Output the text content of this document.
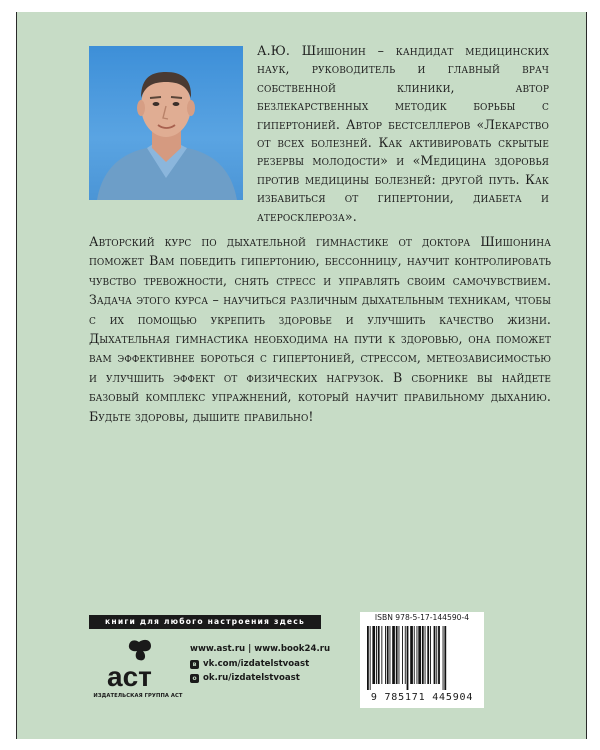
А.Ю. Шишонин – кандидат медицинских наук, руководитель и главный врач собственной клиники, автор безлекарственных методик борьбы с гипертонией. Автор бестселлеров «Лекарство от всех болезней. Как активировать скрытые резервы молодости» и «Медицина здоровья против медицины болезней: другой путь. Как избавиться от гипертонии, диабета и атеросклероза».
Авторский курс по дыхательной гимнастике от доктора Шишонина поможет Вам победить гипертонию, бессонницу, научит контролировать чувство тревожности, снять стресс и управлять своим самочувствием. Задача этого курса – научиться различным дыхательным техникам, чтобы с их помощью укрепить здоровье и улучшить качество жизни. Дыхательная гимнастика необходима на пути к здоровью, она поможет вам эффективнее бороться с гипертонией, стрессом, метеозависимостью и улучшить эффект от физических нагрузок. В сборнике вы найдете базовый комплекс упражнений, который научит правильному дыханию. Будьте здоровы, дышите правильно!
книги для любого настроения здесь
аст
ИЗДАТЕЛЬСКАЯ ГРУППА АСТ
www.ast.ru | www.book24.ru
в vk.com/izdatelstvoast
о ok.ru/izdatelstvoast
ISBN 978-5-17-144590-4
9 785171 445904
